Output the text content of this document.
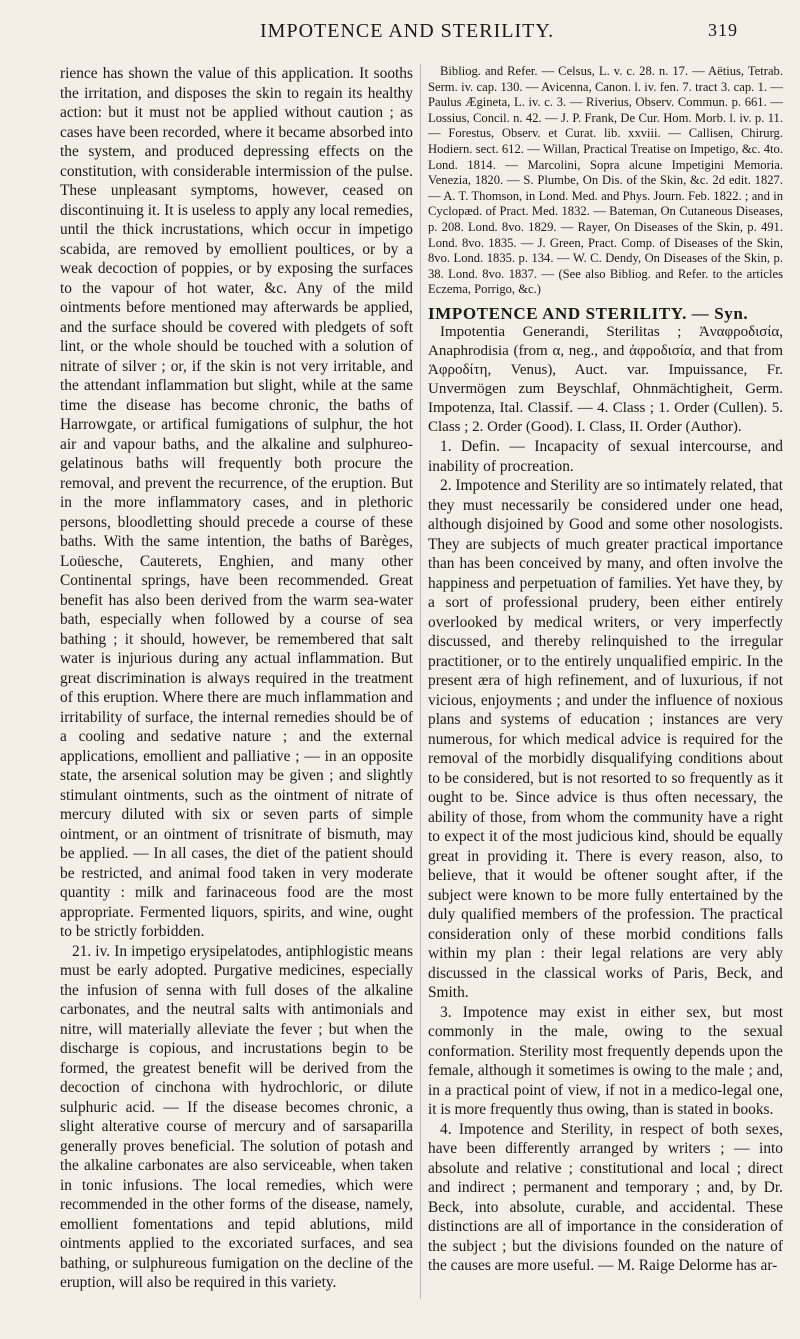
IMPOTENCE AND STERILITY.	319

rience has shown the value of this application. It sooths the irritation, and disposes the skin to regain its healthy action: but it must not be applied without caution ; as cases have been recorded, where it became absorbed into the system, and produced depressing effects on the constitution, with considerable intermission of the pulse. These unpleasant symptoms, however, ceased on discontinuing it. It is useless to apply any local remedies, until the thick incrustations, which occur in impetigo scabida, are removed by emollient poultices, or by a weak decoction of poppies, or by exposing the surfaces to the vapour of hot water, &c. Any of the mild ointments before mentioned may afterwards be applied, and the surface should be covered with pledgets of soft lint, or the whole should be touched with a solution of nitrate of silver ; or, if the skin is not very irritable, and the attendant inflammation but slight, while at the same time the disease has become chronic, the baths of Harrowgate, or artifical fumigations of sulphur, the hot air and vapour baths, and the alkaline and sulphureo-gelatinous baths will frequently both procure the removal, and prevent the recurrence, of the eruption. But in the more inflammatory cases, and in plethoric persons, bloodletting should precede a course of these baths. With the same intention, the baths of Barèges, Loüesche, Cauterets, Enghien, and many other Continental springs, have been recommended. Great benefit has also been derived from the warm sea-water bath, especially when followed by a course of sea bathing ; it should, however, be remembered that salt water is injurious during any actual inflammation. But great discrimination is always required in the treatment of this eruption. Where there are much inflammation and irritability of surface, the internal remedies should be of a cooling and sedative nature ; and the external applications, emollient and palliative ; — in an opposite state, the arsenical solution may be given ; and slightly stimulant ointments, such as the ointment of nitrate of mercury diluted with six or seven parts of simple ointment, or an ointment of trisnitrate of bismuth, may be applied. — In all cases, the diet of the patient should be restricted, and animal food taken in very moderate quantity : milk and farinaceous food are the most appropriate. Fermented liquors, spirits, and wine, ought to be strictly forbidden.

21. iv. In impetigo erysipelatodes, antiphlogistic means must be early adopted. Purgative medicines, especially the infusion of senna with full doses of the alkaline carbonates, and the neutral salts with antimonials and nitre, will materially alleviate the fever ; but when the discharge is copious, and incrustations begin to be formed, the greatest benefit will be derived from the decoction of cinchona with hydrochloric, or dilute sulphuric acid. — If the disease becomes chronic, a slight alterative course of mercury and of sarsaparilla generally proves beneficial. The solution of potash and the alkaline carbonates are also serviceable, when taken in tonic infusions. The local remedies, which were recommended in the other forms of the disease, namely, emollient fomentations and tepid ablutions, mild ointments applied to the excoriated surfaces, and sea bathing, or sulphureous fumigation on the decline of the eruption, will also be required in this variety.

Bibliog. and Refer. — Celsus, L. v. c. 28. n. 17. — Aëtius, Tetrab. Serm. iv. cap. 130. — Avicenna, Canon. l. iv. fen. 7. tract 3. cap. 1. — Paulus Ægineta, L. iv. c. 3. — Riverius, Observ. Commun. p. 661. — Lossius, Concil. n. 42. — J. P. Frank, De Cur. Hom. Morb. l. iv. p. 11. — Forestus, Observ. et Curat. lib. xxviii. — Callisen, Chirurg. Hodiern. sect. 612. — Willan, Practical Treatise on Impetigo, &c. 4to. Lond. 1814. — Marcolini, Sopra alcune Impetigini Memoria. Venezia, 1820. — S. Plumbe, On Dis. of the Skin, &c. 2d edit. 1827. — A. T. Thomson, in Lond. Med. and Phys. Journ. Feb. 1822. ; and in Cyclopæd. of Pract. Med. 1832. — Bateman, On Cutaneous Diseases, p. 208. Lond. 8vo. 1829. — Rayer, On Diseases of the Skin, p. 491. Lond. 8vo. 1835. — J. Green, Pract. Comp. of Diseases of the Skin, 8vo. Lond. 1835. p. 134. — W. C. Dendy, On Diseases of the Skin, p. 38. Lond. 8vo. 1837. — (See also Bibliog. and Refer. to the articles Eczema, Porrigo, &c.)

IMPOTENCE AND STERILITY. — Syn.

Impotentia Generandi, Sterilitas ; Ἀναφροδισία, Anaphrodisia (from α, neg., and ἀφροδισία, and that from Ἀφροδίτη, Venus), Auct. var. Impuissance, Fr. Unvermögen zum Beyschlaf, Ohnmächtigheit, Germ. Impotenza, Ital. Classif. — 4. Class ; 1. Order (Cullen). 5. Class ; 2. Order (Good). I. Class, II. Order (Author).

1. Defin. — Incapacity of sexual intercourse, and inability of procreation.

2. Impotence and Sterility are so intimately related, that they must necessarily be considered under one head, although disjoined by Good and some other nosologists. They are subjects of much greater practical importance than has been conceived by many, and often involve the happiness and perpetuation of families. Yet have they, by a sort of professional prudery, been either entirely overlooked by medical writers, or very imperfectly discussed, and thereby relinquished to the irregular practitioner, or to the entirely unqualified empiric. In the present æra of high refinement, and of luxurious, if not vicious, enjoyments ; and under the influence of noxious plans and systems of education ; instances are very numerous, for which medical advice is required for the removal of the morbidly disqualifying conditions about to be considered, but is not resorted to so frequently as it ought to be. Since advice is thus often necessary, the ability of those, from whom the community have a right to expect it of the most judicious kind, should be equally great in providing it. There is every reason, also, to believe, that it would be oftener sought after, if the subject were known to be more fully entertained by the duly qualified members of the profession. The practical consideration only of these morbid conditions falls within my plan : their legal relations are very ably discussed in the classical works of Paris, Beck, and Smith.

3. Impotence may exist in either sex, but most commonly in the male, owing to the sexual conformation. Sterility most frequently depends upon the female, although it sometimes is owing to the male ; and, in a practical point of view, if not in a medico-legal one, it is more frequently thus owing, than is stated in books.

4. Impotence and Sterility, in respect of both sexes, have been differently arranged by writers ; — into absolute and relative ; constitutional and local ; direct and indirect ; permanent and temporary ; and, by Dr. Beck, into absolute, curable, and accidental. These distinctions are all of importance in the consideration of the subject ; but the divisions founded on the nature of the causes are more useful. — M. Raige Delorme has ar-
